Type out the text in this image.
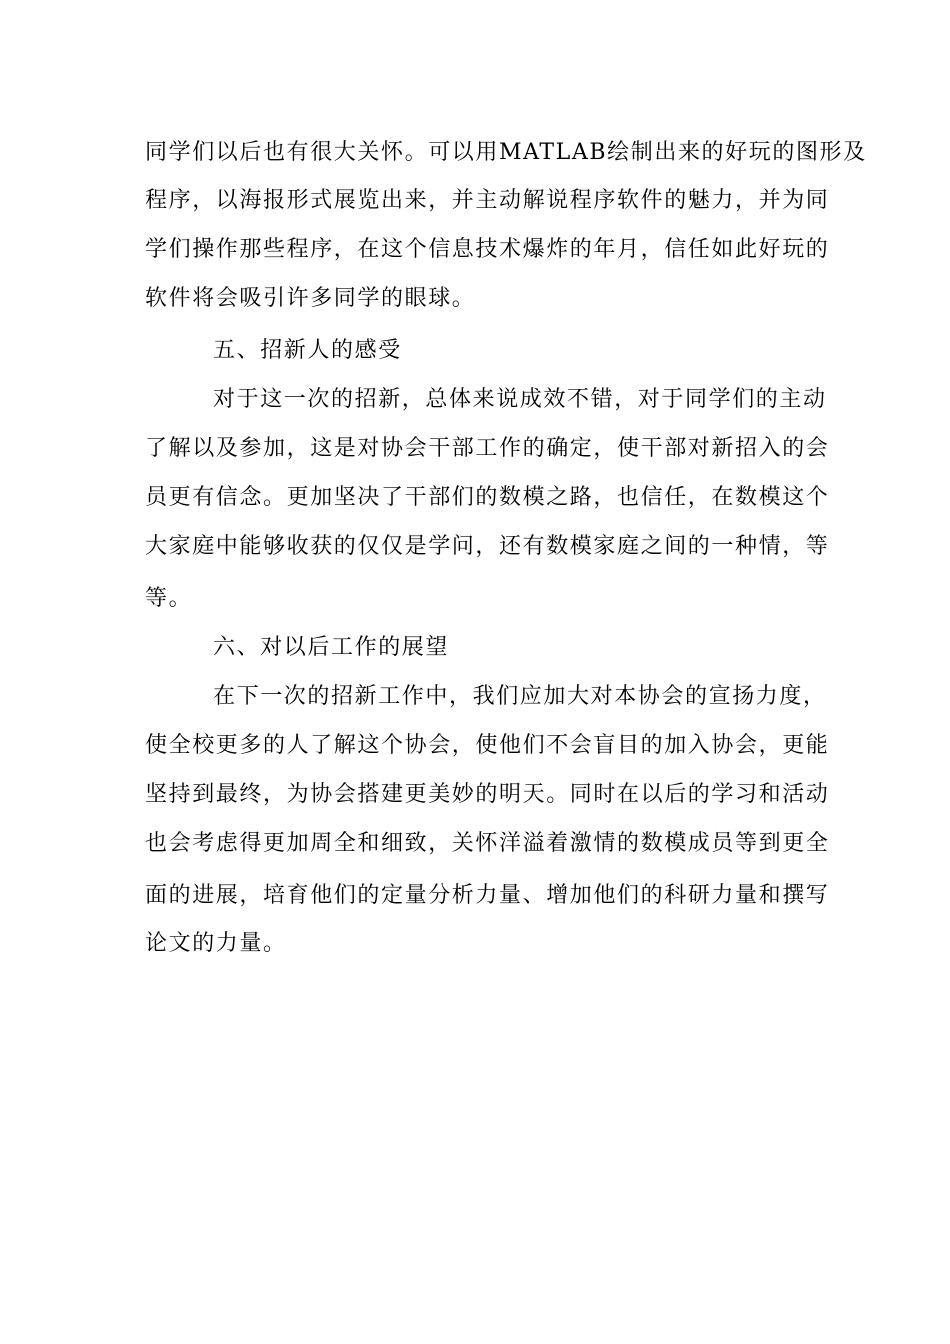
同学们以后也有很大关怀。可以用MATLAB绘制出来的好玩的图形及
程序，以海报形式展览出来，并主动解说程序软件的魅力，并为同
学们操作那些程序，在这个信息技术爆炸的年月，信任如此好玩的
软件将会吸引许多同学的眼球。
五、招新人的感受
对于这一次的招新，总体来说成效不错，对于同学们的主动
了解以及参加，这是对协会干部工作的确定，使干部对新招入的会
员更有信念。更加坚决了干部们的数模之路，也信任，在数模这个
大家庭中能够收获的仅仅是学问，还有数模家庭之间的一种情，等
等。
六、对以后工作的展望
在下一次的招新工作中，我们应加大对本协会的宣扬力度，
使全校更多的人了解这个协会，使他们不会盲目的加入协会，更能
坚持到最终，为协会搭建更美妙的明天。同时在以后的学习和活动
也会考虑得更加周全和细致，关怀洋溢着激情的数模成员等到更全
面的进展，培育他们的定量分析力量、增加他们的科研力量和撰写
论文的力量。
